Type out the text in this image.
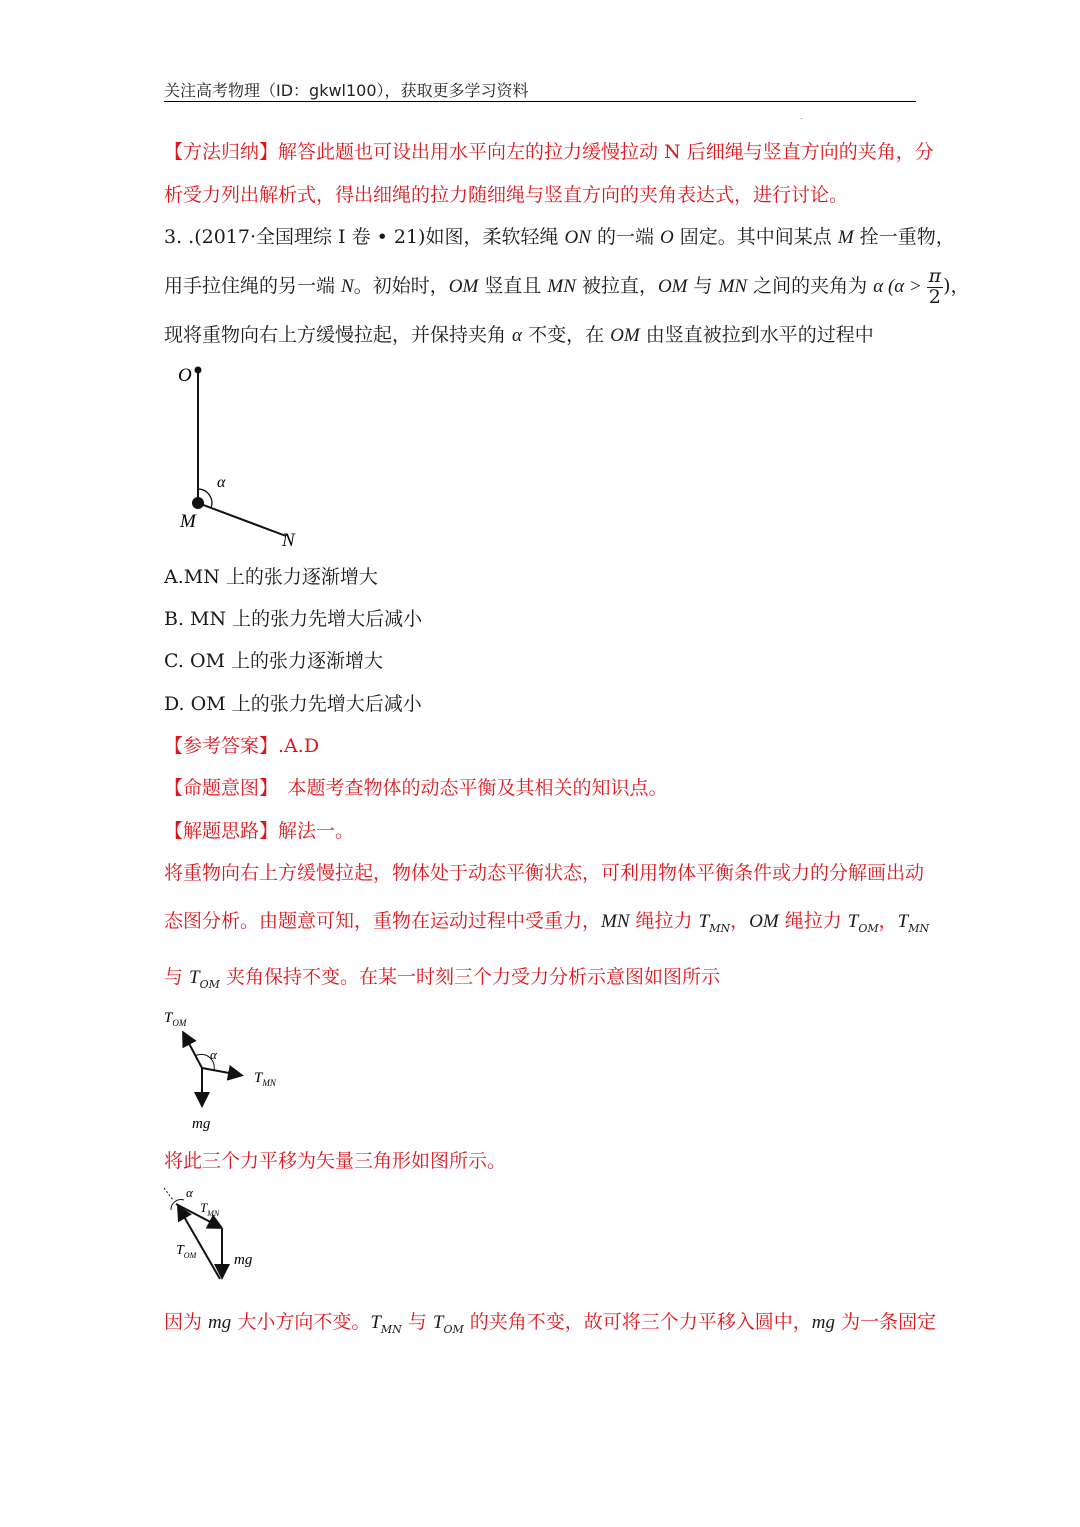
关注高考物理（ID：gkwl100），获取更多学习资料
.
【方法归纳】解答此题也可设出用水平向左的拉力缓慢拉动 N 后细绳与竖直方向的夹角，分
析受力列出解析式，得出细绳的拉力随细绳与竖直方向的夹角表达式，进行讨论。
3. .(2017·全国理综 I 卷 • 21)如图，柔软轻绳 ON 的一端 O 固定。其中间某点 M 拴一重物，
用手拉住绳的另一端 N。初始时，OM 竖直且 MN 被拉直，OM 与 MN 之间的夹角为 α ($\alpha > \frac{\pi}{2}$ )，
现将重物向右上方缓慢拉起，并保持夹角 α 不变，在 OM 由竖直被拉到水平的过程中
O
α
M
N
A.MN 上的张力逐渐增大
B. MN 上的张力先增大后减小
C. OM 上的张力逐渐增大
D. OM 上的张力先增大后减小
【参考答案】.A.D
【命题意图】　本题考查物体的动态平衡及其相关的知识点。
【解题思路】解法一。
将重物向右上方缓慢拉起，物体处于动态平衡状态，可利用物体平衡条件或力的分解画出动
态图分析。由题意可知，重物在运动过程中受重力，MN 绳拉力 $T_{MN}$，OM 绳拉力 $T_{OM}$，$T_{MN}$
与 $T_{OM}$ 夹角保持不变。在某一时刻三个力受力分析示意图如图所示
$T_{OM}$
α
$T_{MN}$
mg
将此三个力平移为矢量三角形如图所示。
α
$T_{MN}$
$T_{OM}$	mg
因为 mg 大小方向不变。$T_{MN}$ 与 $T_{OM}$ 的夹角不变，故可将三个力平移入圆中，mg 为一条固定
